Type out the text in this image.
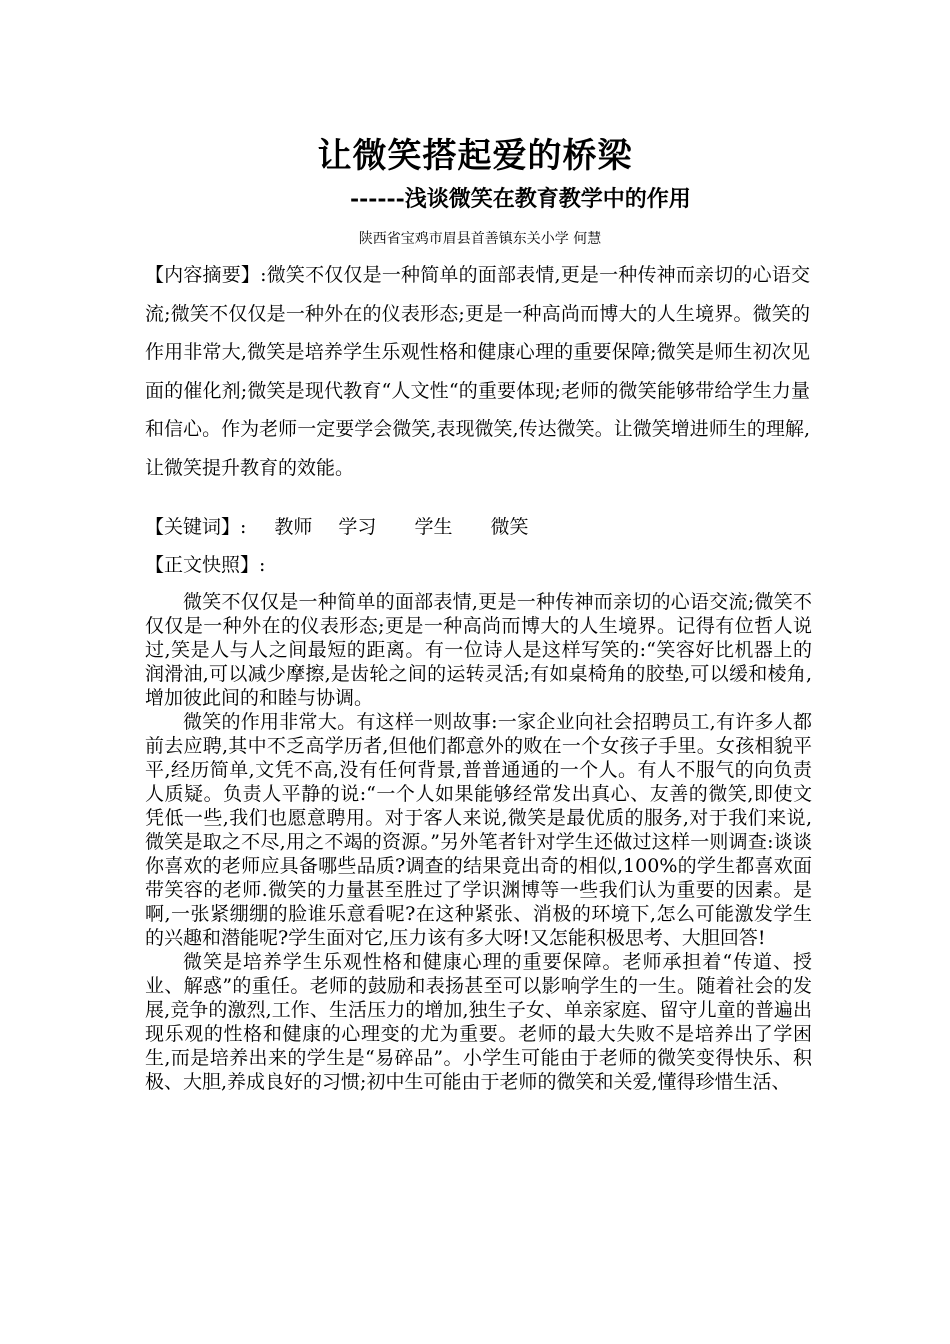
让微笑搭起爱的桥梁
------浅谈微笑在教育教学中的作用
陕西省宝鸡市眉县首善镇东关小学 何慧
【内容摘要】:微笑不仅仅是一种简单的面部表情,更是一种传神而亲切的心语交流;微笑不仅仅是一种外在的仪表形态;更是一种高尚而博大的人生境界。微笑的作用非常大,微笑是培养学生乐观性格和健康心理的重要保障;微笑是师生初次见面的催化剂;微笑是现代教育“人文性“的重要体现;老师的微笑能够带给学生力量和信心。作为老师一定要学会微笑,表现微笑,传达微笑。让微笑增进师生的理解,让微笑提升教育的效能。
【关键词】: 教师 学习 学生 微笑
【正文快照】:

微笑不仅仅是一种简单的面部表情,更是一种传神而亲切的心语交流;微笑不仅仅是一种外在的仪表形态;更是一种高尚而博大的人生境界。记得有位哲人说过,笑是人与人之间最短的距离。有一位诗人是这样写笑的:“笑容好比机器上的润滑油,可以减少摩擦,是齿轮之间的运转灵活;有如桌椅角的胶垫,可以缓和棱角,增加彼此间的和睦与协调。

微笑的作用非常大。有这样一则故事:一家企业向社会招聘员工,有许多人都前去应聘,其中不乏高学历者,但他们都意外的败在一个女孩子手里。女孩相貌平平,经历简单,文凭不高,没有任何背景,普普通通的一个人。有人不服气的向负责人质疑。负责人平静的说:“一个人如果能够经常发出真心、友善的微笑,即使文凭低一些,我们也愿意聘用。对于客人来说,微笑是最优质的服务,对于我们来说,微笑是取之不尽,用之不竭的资源。”另外笔者针对学生还做过这样一则调查:谈谈你喜欢的老师应具备哪些品质?调查的结果竟出奇的相似,100%的学生都喜欢面带笑容的老师.微笑的力量甚至胜过了学识渊博等一些我们认为重要的因素。是啊,一张紧绷绷的脸谁乐意看呢?在这种紧张、消极的环境下,怎么可能激发学生的兴趣和潜能呢?学生面对它,压力该有多大呀!又怎能积极思考、大胆回答!

微笑是培养学生乐观性格和健康心理的重要保障。老师承担着“传道、授业、解惑”的重任。老师的鼓励和表扬甚至可以影响学生的一生。随着社会的发展,竞争的激烈,工作、生活压力的增加,独生子女、单亲家庭、留守儿童的普遍出现乐观的性格和健康的心理变的尤为重要。老师的最大失败不是培养出了学困生,而是培养出来的学生是“易碎品”。小学生可能由于老师的微笑变得快乐、积极、大胆,养成良好的习惯;初中生可能由于老师的微笑和关爱,懂得珍惜生活、
